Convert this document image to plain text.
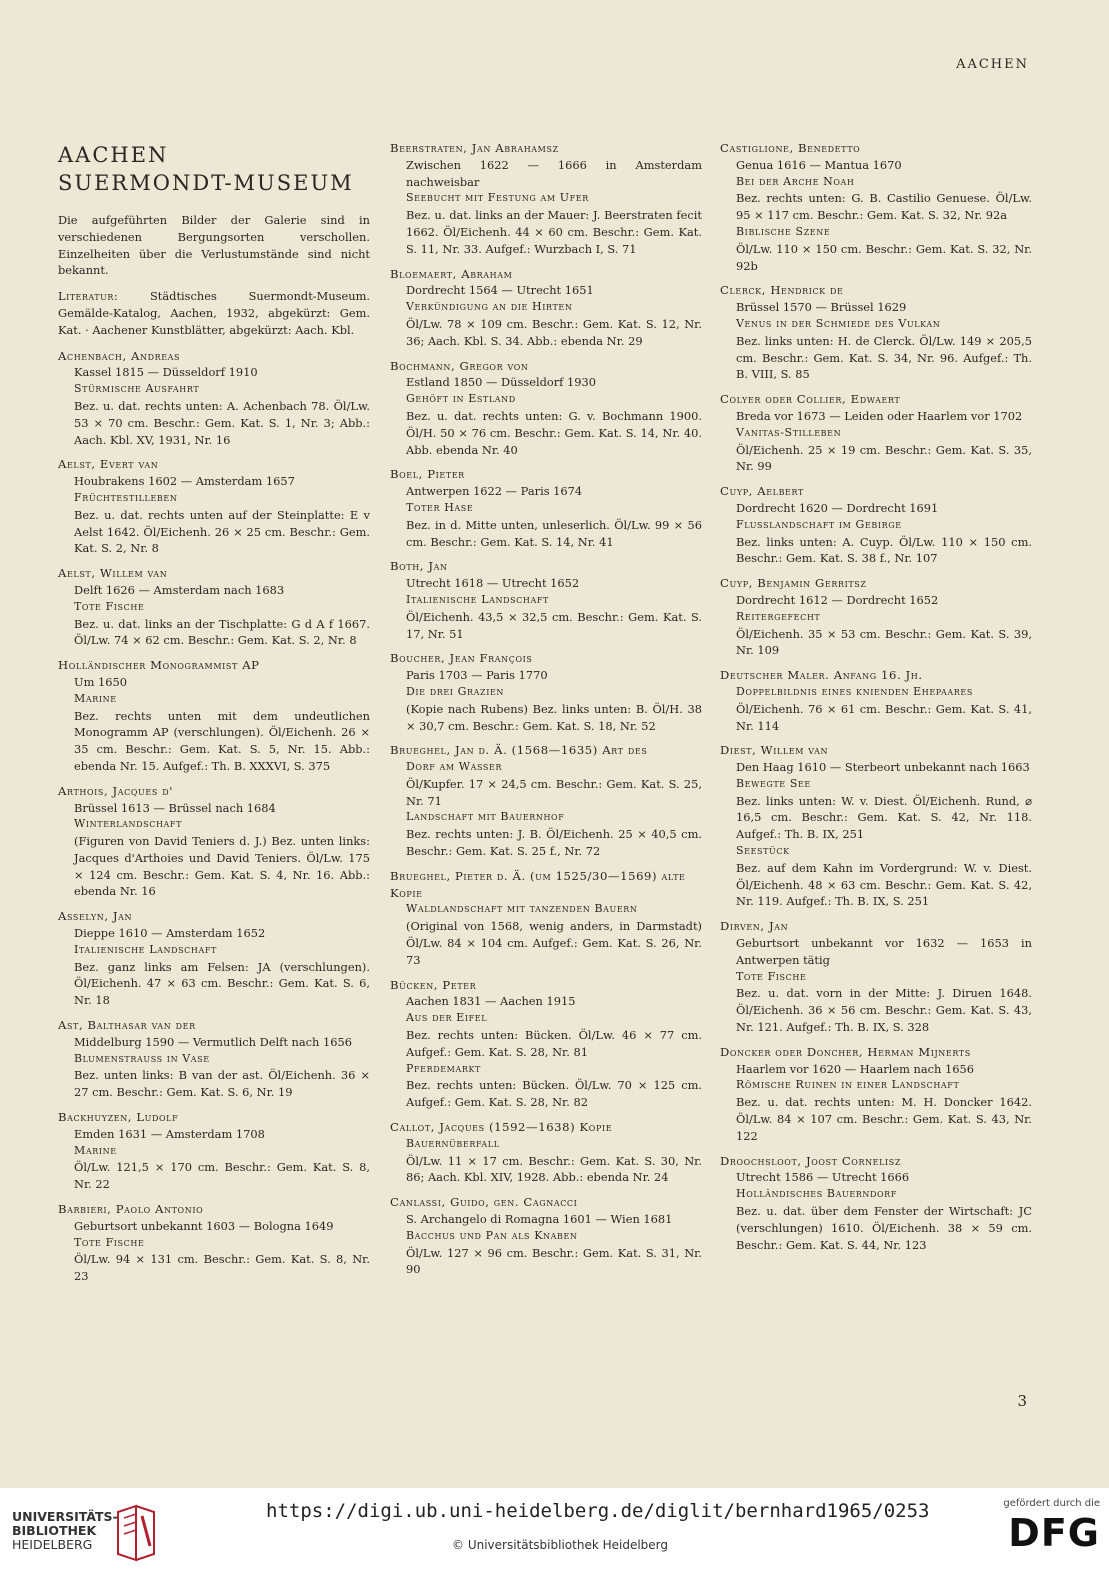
AACHEN
AACHEN
SUERMONDT-MUSEUM
Die aufgeführten Bilder der Galerie sind in verschiedenen Bergungsorten verschollen. Einzelheiten über die Verlustumstände sind nicht bekannt.
Literatur:	Städtisches Suermondt-Museum. Gemälde-Katalog, Aachen, 1932, abgekürzt: Gem. Kat. · Aachener Kunstblätter, abgekürzt: Aach. Kbl.
Achenbach, Andreas
Kassel 1815 — Düsseldorf 1910
Stürmische Ausfahrt
Bez. u. dat. rechts unten: A. Achenbach 78. Öl/Lw. 53 × 70 cm. Beschr.: Gem. Kat. S. 1, Nr. 3; Abb.: Aach. Kbl. XV, 1931, Nr. 16
Aelst, Evert van
Houbrakens 1602 — Amsterdam 1657
Früchtestilleben
Bez. u. dat. rechts unten auf der Steinplatte: E v Aelst 1642. Öl/Eichenh. 26 × 25 cm. Beschr.: Gem. Kat. S. 2, Nr. 8
Aelst, Willem van
Delft 1626 — Amsterdam nach 1683
Tote Fische
Bez. u. dat. links an der Tischplatte: G d A f 1667. Öl/Lw. 74 × 62 cm. Beschr.: Gem. Kat. S. 2, Nr. 8
Holländischer Monogrammist AP
Um 1650
Marine
Bez. rechts unten mit dem undeutlichen Monogramm AP (verschlungen). Öl/Eichenh. 26 × 35 cm. Beschr.: Gem. Kat. S. 5, Nr. 15. Abb.: ebenda Nr. 15. Aufgef.: Th. B. XXXVI, S. 375
Arthois, Jacques d'
Brüssel 1613 — Brüssel nach 1684
Winterlandschaft
(Figuren von David Teniers d. J.) Bez. unten links: Jacques d'Arthoies und David Teniers. Öl/Lw. 175 × 124 cm. Beschr.: Gem. Kat. S. 4, Nr. 16. Abb.: ebenda Nr. 16
Asselyn, Jan
Dieppe 1610 — Amsterdam 1652
Italienische Landschaft
Bez. ganz links am Felsen: JA (verschlungen). Öl/Eichenh. 47 × 63 cm. Beschr.: Gem. Kat. S. 6, Nr. 18
Ast, Balthasar van der
Middelburg 1590 — Vermutlich Delft nach 1656
Blumenstrauss in Vase
Bez. unten links: B van der ast. Öl/Eichenh. 36 × 27 cm. Beschr.: Gem. Kat. S. 6, Nr. 19
Backhuyzen, Ludolf
Emden 1631 — Amsterdam 1708
Marine
Öl/Lw. 121,5 × 170 cm. Beschr.: Gem. Kat. S. 8, Nr. 22
Barbieri, Paolo Antonio
Geburtsort unbekannt 1603 — Bologna 1649
Tote Fische
Öl/Lw. 94 × 131 cm. Beschr.: Gem. Kat. S. 8, Nr. 23
Beerstraten, Jan Abrahamsz
Zwischen 1622 — 1666 in Amsterdam nachweisbar
Seebucht mit Festung am Ufer
Bez. u. dat. links an der Mauer: J. Beerstraten fecit 1662. Öl/Eichenh. 44 × 60 cm. Beschr.: Gem. Kat. S. 11, Nr. 33. Aufgef.: Wurzbach I, S. 71
Bloemaert, Abraham
Dordrecht 1564 — Utrecht 1651
Verkündigung an die Hirten
Öl/Lw. 78 × 109 cm. Beschr.: Gem. Kat. S. 12, Nr. 36; Aach. Kbl. S. 34. Abb.: ebenda Nr. 29
Bochmann, Gregor von
Estland 1850 — Düsseldorf 1930
Gehöft in Estland
Bez. u. dat. rechts unten: G. v. Bochmann 1900. Öl/H. 50 × 76 cm. Beschr.: Gem. Kat. S. 14, Nr. 40. Abb. ebenda Nr. 40
Boel, Pieter
Antwerpen 1622 — Paris 1674
Toter Hase
Bez. in d. Mitte unten, unleserlich. Öl/Lw. 99 × 56 cm. Beschr.: Gem. Kat. S. 14, Nr. 41
Both, Jan
Utrecht 1618 — Utrecht 1652
Italienische Landschaft
Öl/Eichenh. 43,5 × 32,5 cm. Beschr.: Gem. Kat. S. 17, Nr. 51
Boucher, Jean François
Paris 1703 — Paris 1770
Die drei Grazien
(Kopie nach Rubens) Bez. links unten: B. Öl/H. 38 × 30,7 cm. Beschr.: Gem. Kat. S. 18, Nr. 52
Brueghel, Jan d. Ä. (1568—1635) Art des
Dorf am Wasser
Öl/Kupfer. 17 × 24,5 cm. Beschr.: Gem. Kat. S. 25, Nr. 71
Landschaft mit Bauernhof
Bez. rechts unten: J. B. Öl/Eichenh. 25 × 40,5 cm. Beschr.: Gem. Kat. S. 25 f., Nr. 72
Brueghel, Pieter d. Ä. (um 1525/30—1569) alte Kopie
Waldlandschaft mit tanzenden Bauern
(Original von 1568, wenig anders, in Darmstadt) Öl/Lw. 84 × 104 cm. Aufgef.: Gem. Kat. S. 26, Nr. 73
Bücken, Peter
Aachen 1831 — Aachen 1915
Aus der Eifel
Bez. rechts unten: Bücken. Öl/Lw. 46 × 77 cm. Aufgef.: Gem. Kat. S. 28, Nr. 81
Pferdemarkt
Bez. rechts unten: Bücken. Öl/Lw. 70 × 125 cm. Aufgef.: Gem. Kat. S. 28, Nr. 82
Callot, Jacques (1592—1638) Kopie
Bauernüberfall
Öl/Lw. 11 × 17 cm. Beschr.: Gem. Kat. S. 30, Nr. 86; Aach. Kbl. XIV, 1928. Abb.: ebenda Nr. 24
Canlassi, Guido, gen. Cagnacci
S. Archangelo di Romagna 1601 — Wien 1681
Bacchus und Pan als Knaben
Öl/Lw. 127 × 96 cm. Beschr.: Gem. Kat. S. 31, Nr. 90
Castiglione, Benedetto
Genua 1616 — Mantua 1670
Bei der Arche Noah
Bez. rechts unten: G. B. Castilio Genuese. Öl/Lw. 95 × 117 cm. Beschr.: Gem. Kat. S. 32, Nr. 92a
Biblische Szene
Öl/Lw. 110 × 150 cm. Beschr.: Gem. Kat. S. 32, Nr. 92b
Clerck, Hendrick de
Brüssel 1570 — Brüssel 1629
Venus in der Schmiede des Vulkan
Bez. links unten: H. de Clerck. Öl/Lw. 149 × 205,5 cm. Beschr.: Gem. Kat. S. 34, Nr. 96. Aufgef.: Th. B. VIII, S. 85
Colyer oder Collier, Edwaert
Breda vor 1673 — Leiden oder Haarlem vor 1702
Vanitas-Stilleben
Öl/Eichenh. 25 × 19 cm. Beschr.: Gem. Kat. S. 35, Nr. 99
Cuyp, Aelbert
Dordrecht 1620 — Dordrecht 1691
Flusslandschaft im Gebirge
Bez. links unten: A. Cuyp. Öl/Lw. 110 × 150 cm. Beschr.: Gem. Kat. S. 38 f., Nr. 107
Cuyp, Benjamin Gerritsz
Dordrecht 1612 — Dordrecht 1652
Reitergefecht
Öl/Eichenh. 35 × 53 cm. Beschr.: Gem. Kat. S. 39, Nr. 109
Deutscher Maler. Anfang 16. Jh.
Doppelbildnis eines knienden Ehepaares
Öl/Eichenh. 76 × 61 cm. Beschr.: Gem. Kat. S. 41, Nr. 114
Diest, Willem van
Den Haag 1610 — Sterbeort unbekannt nach 1663
Bewegte See
Bez. links unten: W. v. Diest. Öl/Eichenh. Rund, ⌀ 16,5 cm. Beschr.: Gem. Kat. S. 42, Nr. 118. Aufgef.: Th. B. IX, 251
Seestück
Bez. auf dem Kahn im Vordergrund: W. v. Diest. Öl/Eichenh. 48 × 63 cm. Beschr.: Gem. Kat. S. 42, Nr. 119. Aufgef.: Th. B. IX, S. 251
Dirven, Jan
Geburtsort unbekannt vor 1632 — 1653 in Antwerpen tätig
Tote Fische
Bez. u. dat. vorn in der Mitte: J. Diruen 1648. Öl/Eichenh. 36 × 56 cm. Beschr.: Gem. Kat. S. 43, Nr. 121. Aufgef.: Th. B. IX, S. 328
Doncker oder Doncher, Herman Mijnerts
Haarlem vor 1620 — Haarlem nach 1656
Römische Ruinen in einer Landschaft
Bez. u. dat. rechts unten: M. H. Doncker 1642. Öl/Lw. 84 × 107 cm. Beschr.: Gem. Kat. S. 43, Nr. 122
Droochsloot, Joost Cornelisz
Utrecht 1586 — Utrecht 1666
Holländisches Bauerndorf
Bez. u. dat. über dem Fenster der Wirtschaft: JC (verschlungen) 1610. Öl/Eichenh. 38 × 59 cm. Beschr.: Gem. Kat. S. 44, Nr. 123
3
UNIVERSITÄTS-
BIBLIOTHEK
HEIDELBERG
https://digi.ub.uni-heidelberg.de/diglit/bernhard1965/0253
© Universitätsbibliothek Heidelberg
gefördert durch die
DFG
